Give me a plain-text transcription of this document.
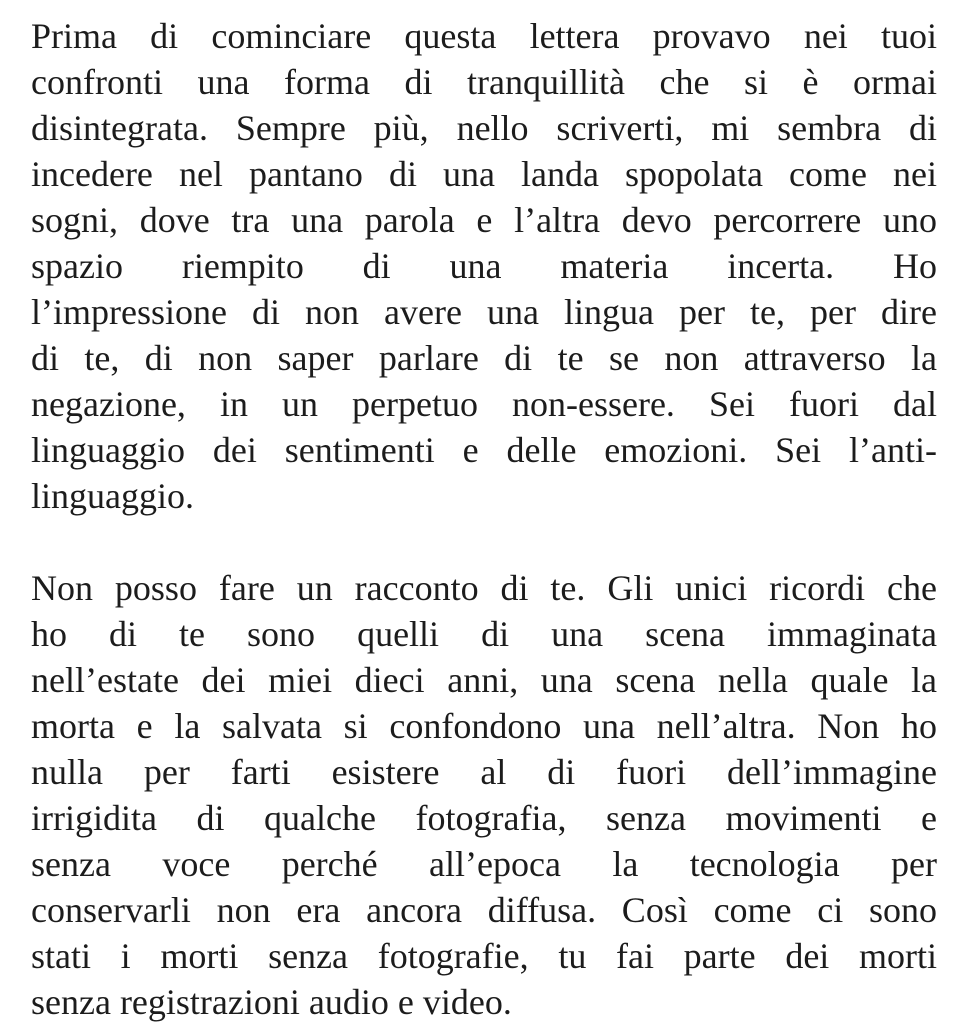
Prima di cominciare questa lettera provavo nei tuoi
confronti una forma di tranquillità che si è ormai
disintegrata. Sempre più, nello scriverti, mi sembra di
incedere nel pantano di una landa spopolata come nei
sogni, dove tra una parola e l’altra devo percorrere uno
spazio riempito di una materia incerta. Ho
l’impressione di non avere una lingua per te, per dire
di te, di non saper parlare di te se non attraverso la
negazione, in un perpetuo non-essere. Sei fuori dal
linguaggio dei sentimenti e delle emozioni. Sei l’anti-
linguaggio.
Non posso fare un racconto di te. Gli unici ricordi che
ho di te sono quelli di una scena immaginata
nell’estate dei miei dieci anni, una scena nella quale la
morta e la salvata si confondono una nell’altra. Non ho
nulla per farti esistere al di fuori dell’immagine
irrigidita di qualche fotografia, senza movimenti e
senza voce perché all’epoca la tecnologia per
conservarli non era ancora diffusa. Così come ci sono
stati i morti senza fotografie, tu fai parte dei morti
senza registrazioni audio e video.
